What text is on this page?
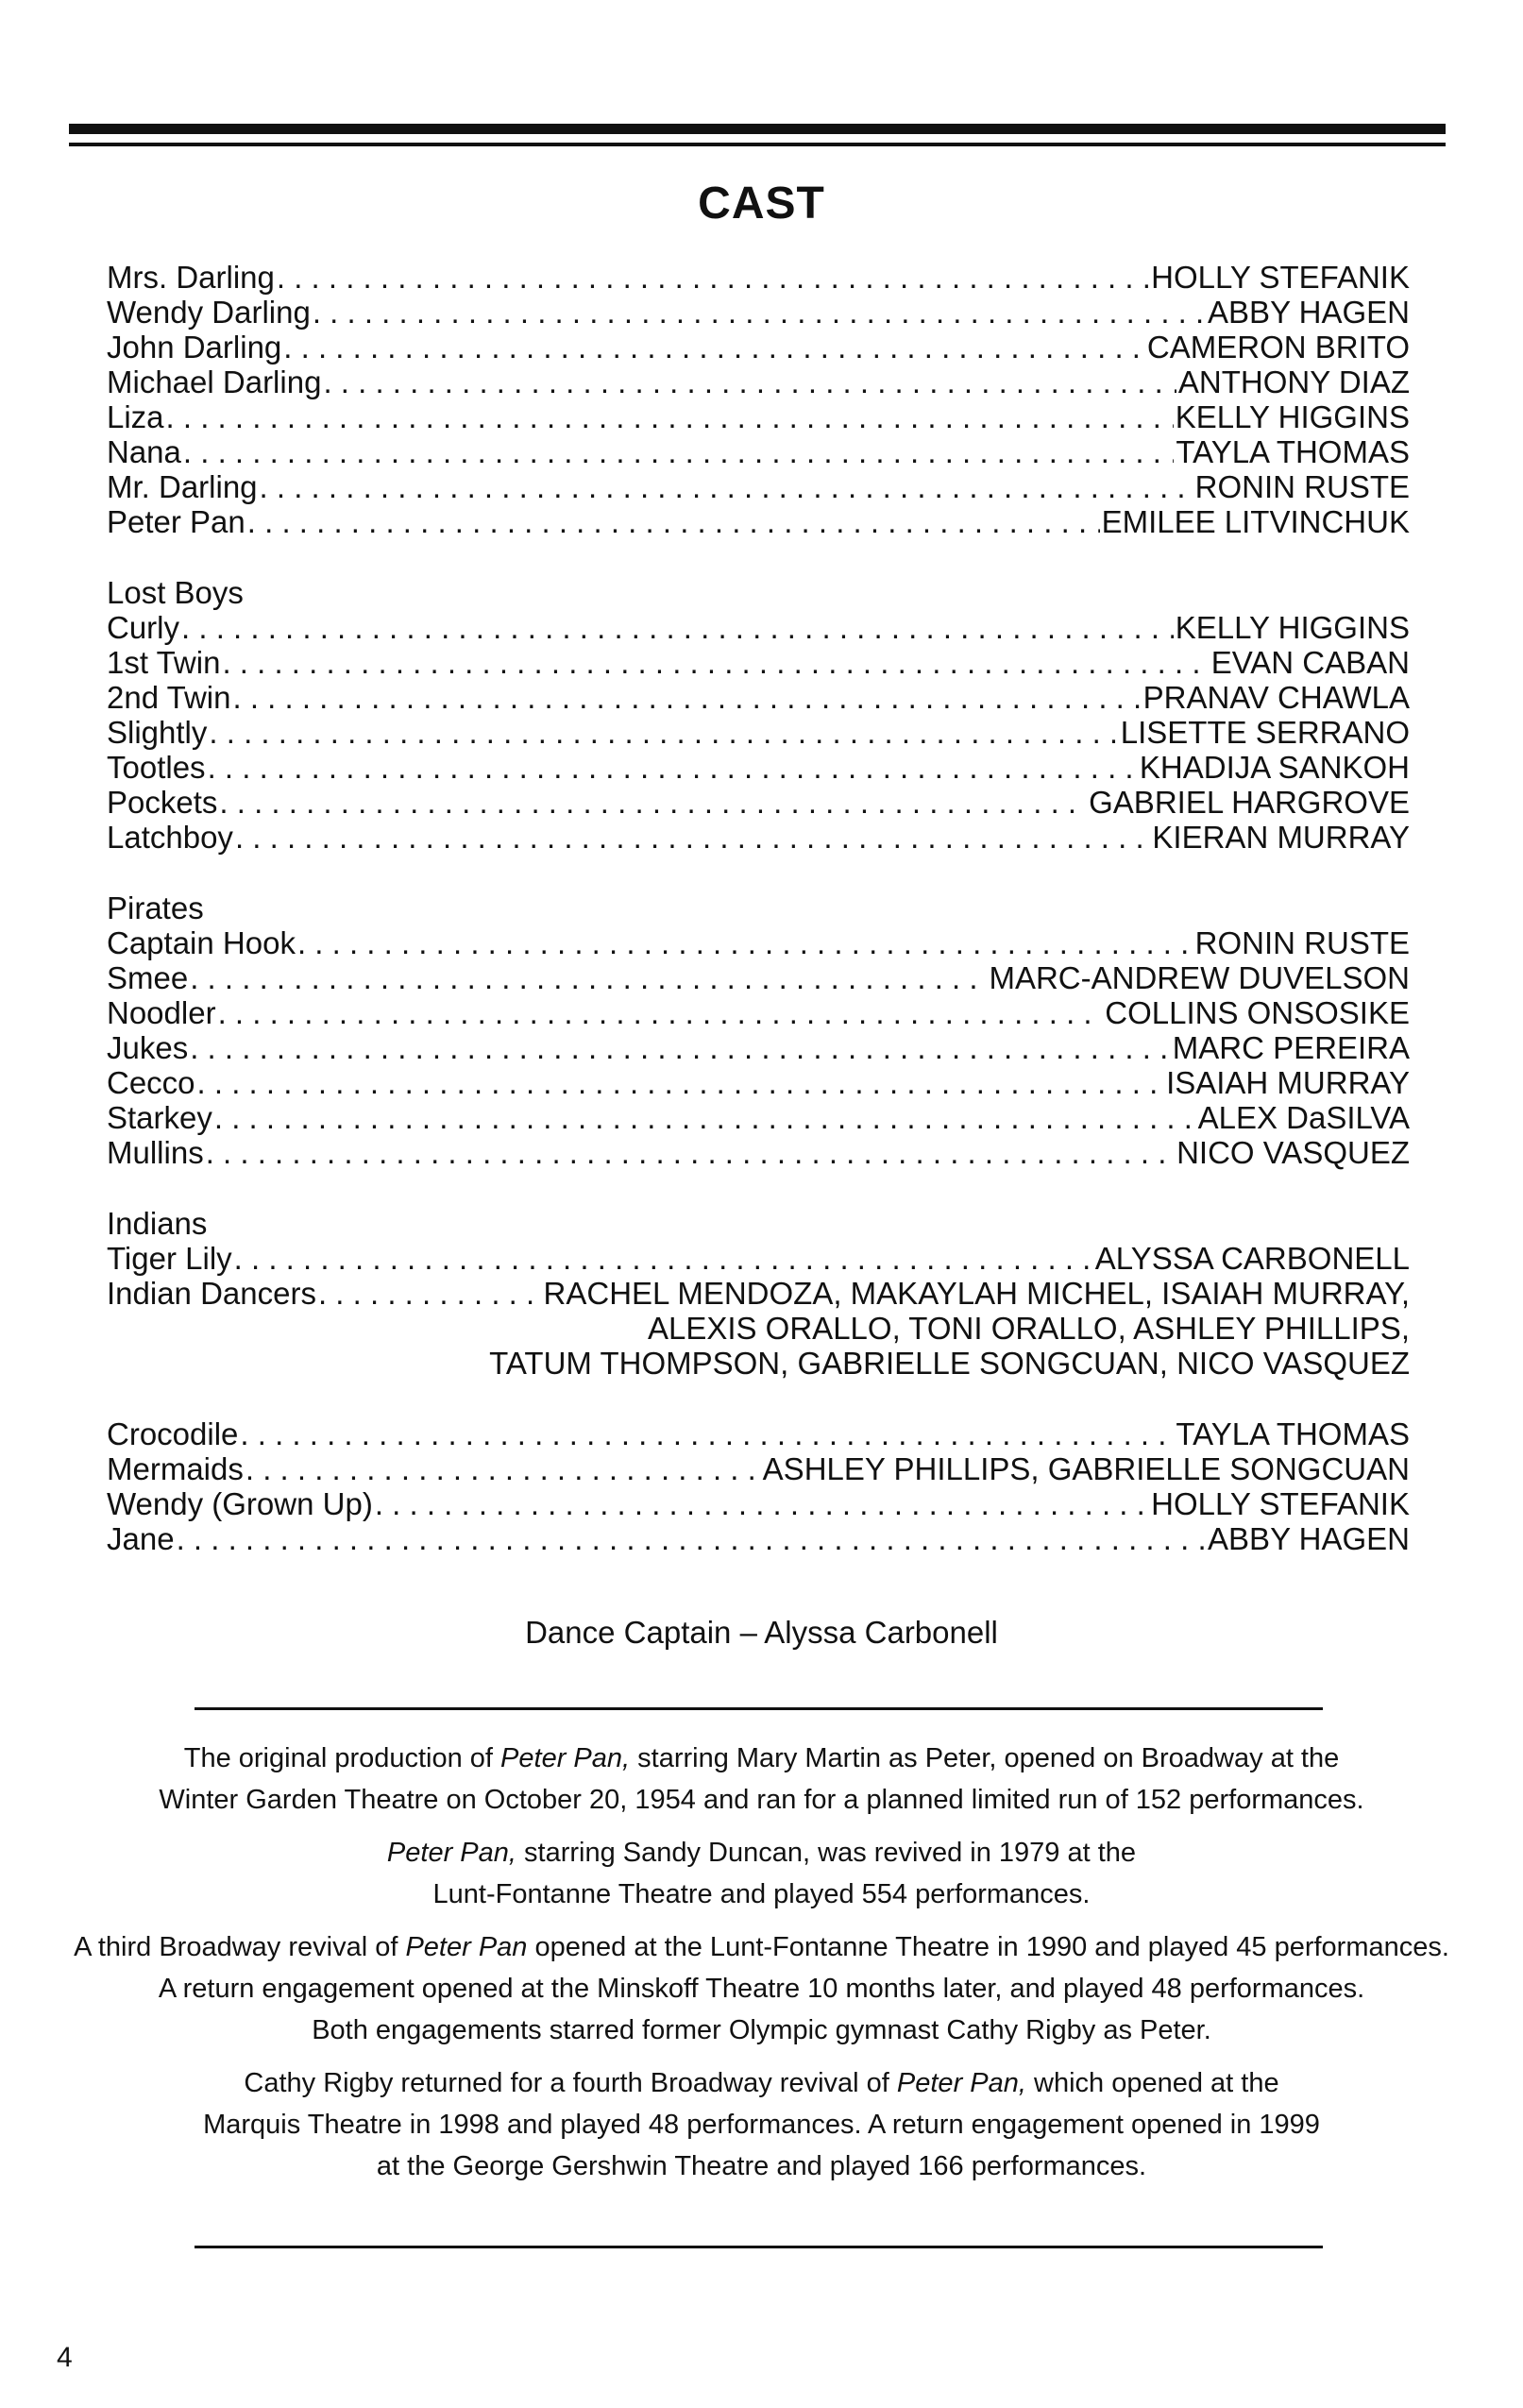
CAST
Mrs. Darling . . .	HOLLY STEFANIK
Wendy Darling . . .	ABBY HAGEN
John Darling . . .	CAMERON BRITO
Michael Darling . . .	ANTHONY DIAZ
Liza . . .	KELLY HIGGINS
Nana . . .	TAYLA THOMAS
Mr. Darling . . .	RONIN RUSTE
Peter Pan . . .	EMILEE LITVINCHUK
Lost Boys
Curly . . .	KELLY HIGGINS
1st Twin . . .	EVAN CABAN
2nd Twin . . .	PRANAV CHAWLA
Slightly . . .	LISETTE SERRANO
Tootles . . .	KHADIJA SANKOH
Pockets . . .	GABRIEL HARGROVE
Latchboy . . .	KIERAN MURRAY
Pirates
Captain Hook . . .	RONIN RUSTE
Smee . . .	MARC-ANDREW DUVELSON
Noodler . . .	COLLINS ONSOSIKE
Jukes . . .	MARC PEREIRA
Cecco . . .	ISAIAH MURRAY
Starkey . . .	ALEX DaSILVA
Mullins . . .	NICO VASQUEZ
Indians
Tiger Lily . . .	ALYSSA CARBONELL
Indian Dancers . . .	RACHEL MENDOZA, MAKAYLAH MICHEL, ISAIAH MURRAY,
ALEXIS ORALLO, TONI ORALLO, ASHLEY PHILLIPS,
TATUM THOMPSON, GABRIELLE SONGCUAN, NICO VASQUEZ
Crocodile . . .	TAYLA THOMAS
Mermaids . . .	ASHLEY PHILLIPS, GABRIELLE SONGCUAN
Wendy (Grown Up) . . .	HOLLY STEFANIK
Jane . . .	ABBY HAGEN
Dance Captain – Alyssa Carbonell

The original production of Peter Pan, starring Mary Martin as Peter, opened on Broadway at the
Winter Garden Theatre on October 20, 1954 and ran for a planned limited run of 152 performances.

Peter Pan, starring Sandy Duncan, was revived in 1979 at the
Lunt-Fontanne Theatre and played 554 performances.

A third Broadway revival of Peter Pan opened at the Lunt-Fontanne Theatre in 1990 and played 45 performances.
A return engagement opened at the Minskoff Theatre 10 months later, and played 48 performances.
Both engagements starred former Olympic gymnast Cathy Rigby as Peter.

Cathy Rigby returned for a fourth Broadway revival of Peter Pan, which opened at the
Marquis Theatre in 1998 and played 48 performances. A return engagement opened in 1999
at the George Gershwin Theatre and played 166 performances.

4
